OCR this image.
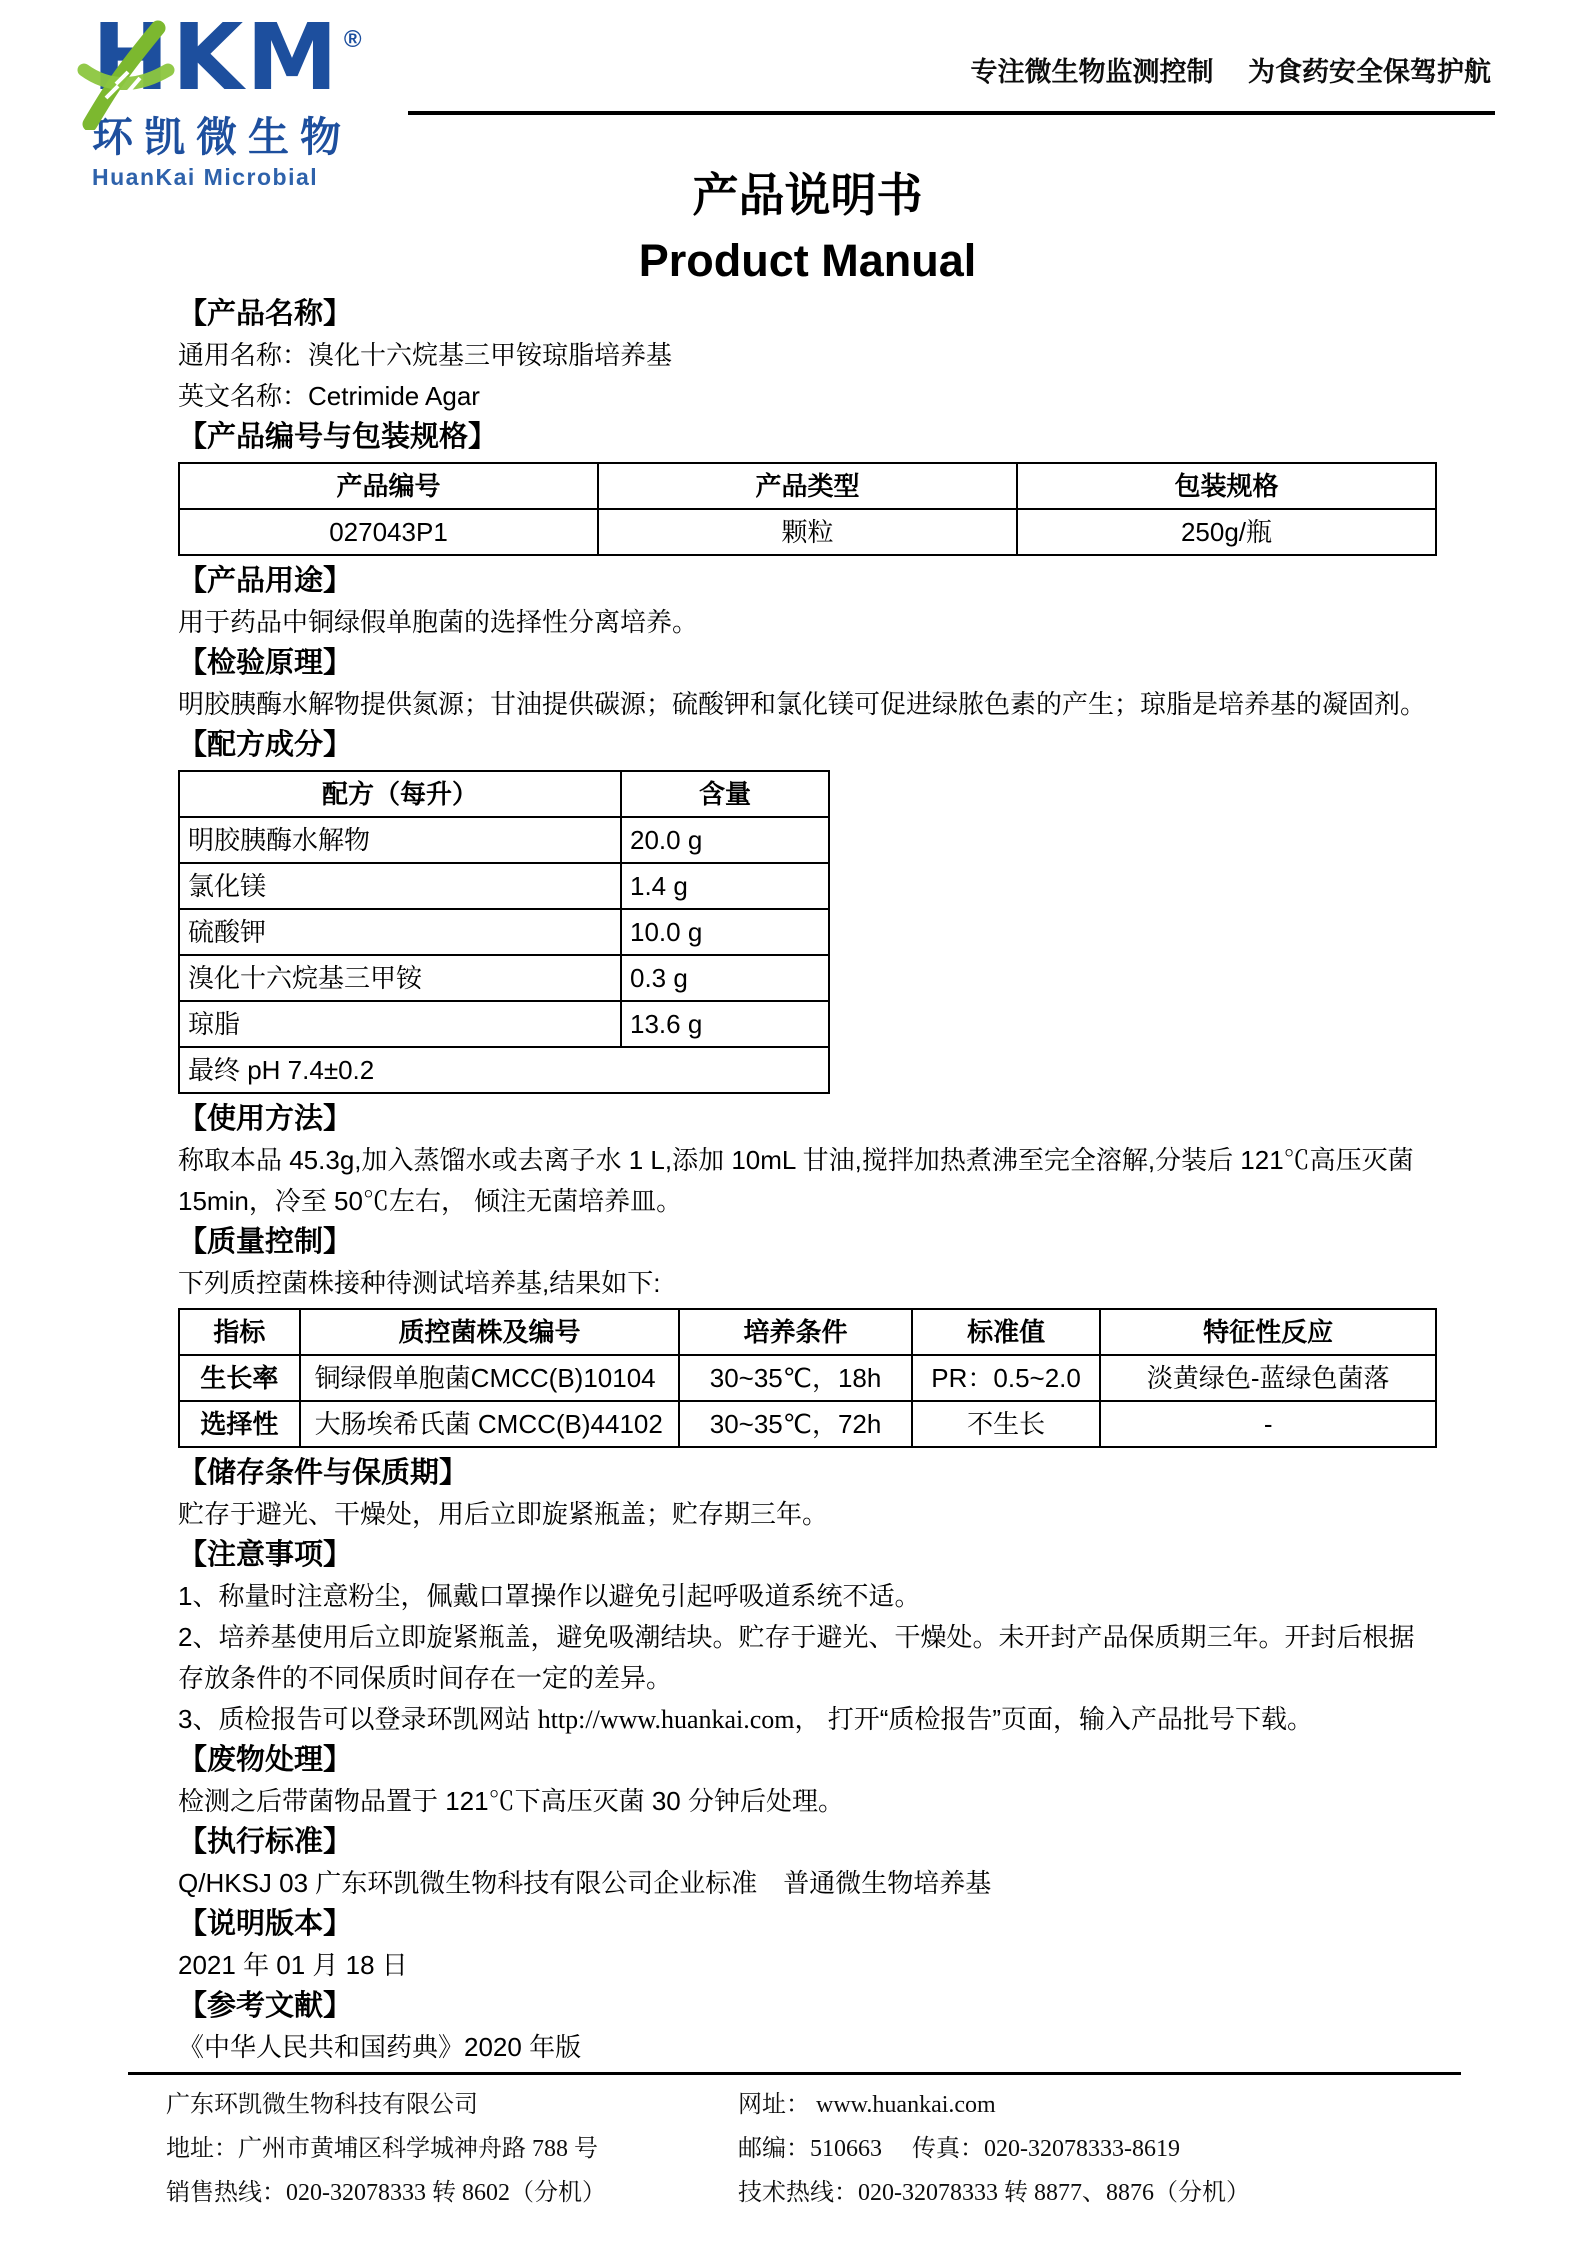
HKM ®
环凯微生物
HuanKai Microbial
专注微生物监测控制　 为食药安全保驾护航
产品说明书
Product Manual
【产品名称】

通用名称：溴化十六烷基三甲铵琼脂培养基

英文名称：Cetrimide Agar

【产品编号与包装规格】
产品编号	产品类型	包装规格
027043P1	颗粒	250g/瓶
【产品用途】

用于药品中铜绿假单胞菌的选择性分离培养。

【检验原理】

明胶胰酶水解物提供氮源；甘油提供碳源；硫酸钾和氯化镁可促进绿脓色素的产生；琼脂是培养基的凝固剂。

【配方成分】
配方（每升）	含量
明胶胰酶水解物	20.0 g
氯化镁	1.4 g
硫酸钾	10.0 g
溴化十六烷基三甲铵	0.3 g
琼脂	13.6 g
最终 pH 7.4±0.2	
【使用方法】

称取本品 45.3g,加入蒸馏水或去离子水 1 L,添加 10mL 甘油,搅拌加热煮沸至完全溶解,分装后 121℃高压灭菌 15min，冷至 50℃左右， 倾注无菌培养皿。

【质量控制】

下列质控菌株接种待测试培养基,结果如下:

指标	质控菌株及编号	培养条件	标准值	特征性反应
生长率	铜绿假单胞菌CMCC(B)10104	30~35℃，18h	PR：0.5~2.0	淡黄绿色-蓝绿色菌落
选择性	大肠埃希氏菌 CMCC(B)44102	30~35℃，72h	不生长	-
【储存条件与保质期】

贮存于避光、干燥处，用后立即旋紧瓶盖；贮存期三年。

【注意事项】

1、称量时注意粉尘，佩戴口罩操作以避免引起呼吸道系统不适。

2、培养基使用后立即旋紧瓶盖，避免吸潮结块。贮存于避光、干燥处。未开封产品保质期三年。开封后根据存放条件的不同保质时间存在一定的差异。

3、质检报告可以登录环凯网站 http://www.huankai.com， 打开“质检报告”页面，输入产品批号下载。

【废物处理】

检测之后带菌物品置于 121℃下高压灭菌 30 分钟后处理。

【执行标准】

Q/HKSJ 03 广东环凯微生物科技有限公司企业标准　普通微生物培养基

【说明版本】

2021 年 01 月 18 日

【参考文献】

《中华人民共和国药典》2020 年版

广东环凯微生物科技有限公司
地址：广州市黄埔区科学城神舟路 788 号
销售热线：020-32078333 转 8602（分机）
网址： www.huankai.com
邮编：510663　 传真：020-32078333-8619
技术热线：020-32078333 转 8877、8876（分机）
